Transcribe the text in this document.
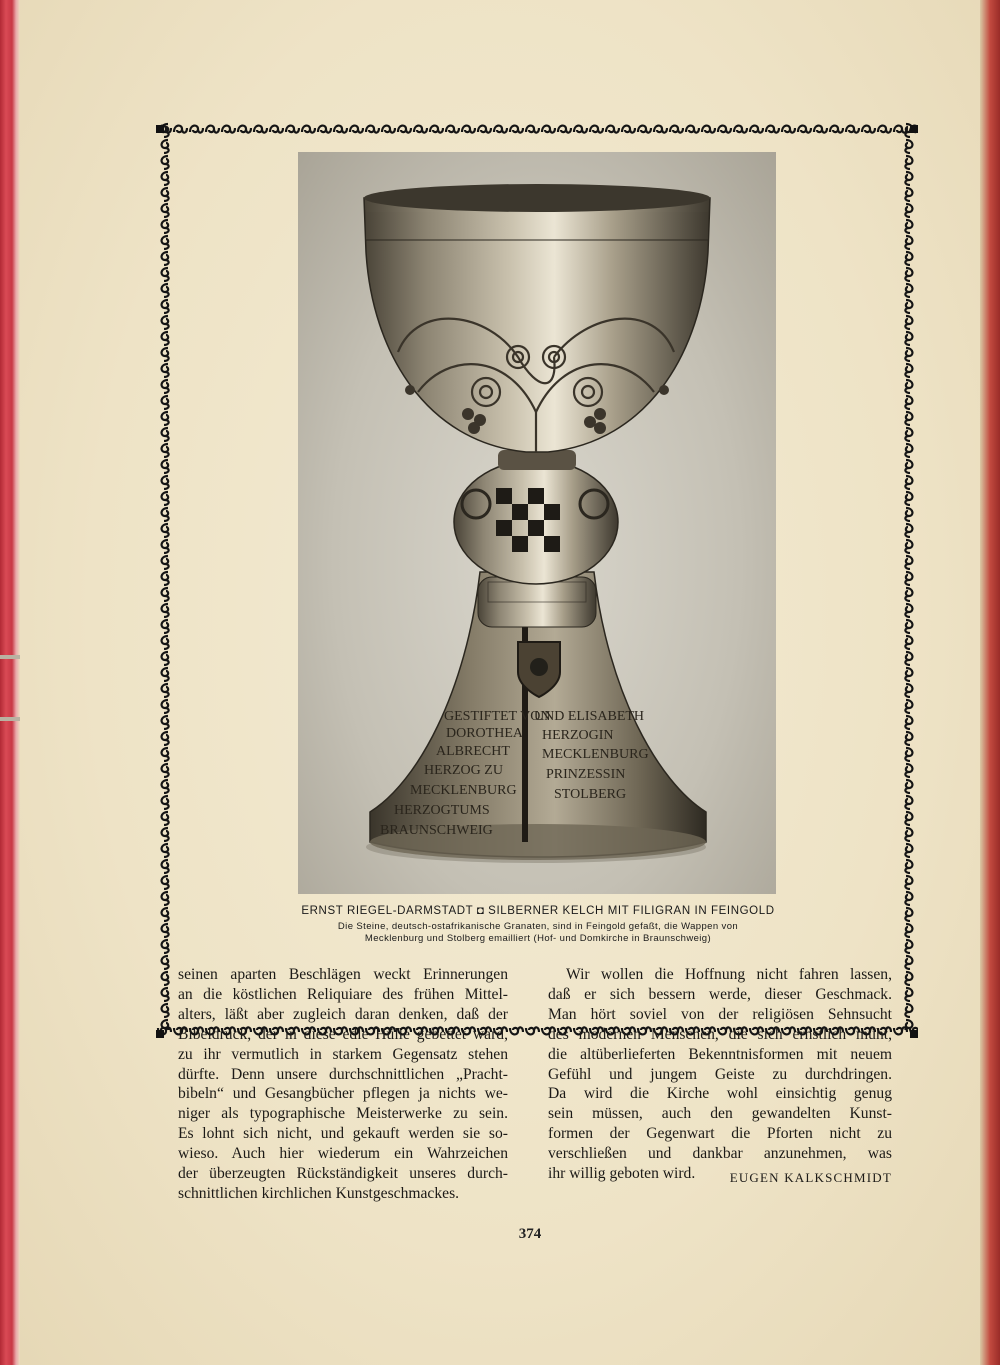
GESTIFTET VON
DOROTHEA
ALBRECHT
HERZOG ZU
MECKLENBURG
HERZOGTUMS
BRAUNSCHWEIG
UND ELISABETH
HERZOGIN
MECKLENBURG
PRINZESSIN
STOLBERG
ERNST RIEGEL-DARMSTADT ◘ SILBERNER KELCH MIT FILIGRAN IN FEINGOLD
Die Steine, deutsch-ostafrikanische Granaten, sind in Feingold gefaßt, die Wappen von
Mecklenburg und Stolberg emailliert (Hof- und Domkirche in Braunschweig)
seinen aparten Beschlägen weckt Erinnerungen
an die köstlichen Reliquiare des frühen Mittel-
alters, läßt aber zugleich daran denken, daß der
Bibeldruck, der in diese edle Hülle gebettet ward,
zu ihr vermutlich in starkem Gegensatz stehen
dürfte. Denn unsere durchschnittlichen „Pracht-
bibeln“ und Gesangbücher pflegen ja nichts we-
niger als typographische Meisterwerke zu sein.
Es lohnt sich nicht, und gekauft werden sie so-
wieso. Auch hier wiederum ein Wahrzeichen
der überzeugten Rückständigkeit unseres durch-
schnittlichen kirchlichen Kunstgeschmackes.
Wir wollen die Hoffnung nicht fahren lassen,
daß er sich bessern werde, dieser Geschmack.
Man hört soviel von der religiösen Sehnsucht
des modernen Menschen, die sich ernstlich müht,
die altüberlieferten Bekenntnisformen mit neuem
Gefühl und jungem Geiste zu durchdringen.
Da wird die Kirche wohl einsichtig genug
sein müssen, auch den gewandelten Kunst-
formen der Gegenwart die Pforten nicht zu
verschließen und dankbar anzunehmen, was
ihr willig geboten wird.	EUGEN KALKSCHMIDT
374
